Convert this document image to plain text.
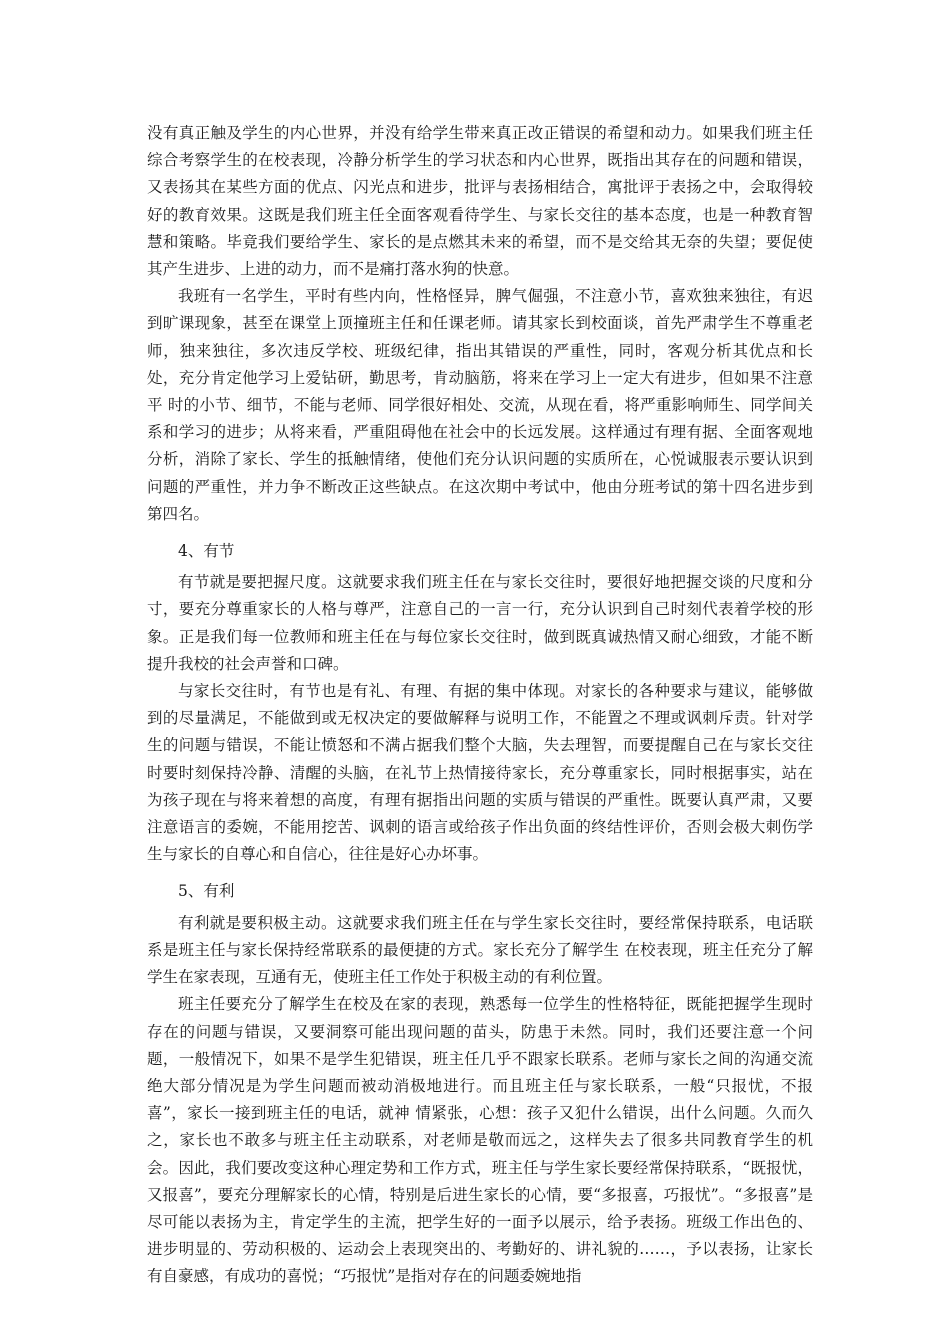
没有真正触及学生的内心世界，并没有给学生带来真正改正错误的希望和动力。如果我们班主任综合考察学生的在校表现，冷静分析学生的学习状态和内心世界，既指出其存在的问题和错误，又表扬其在某些方面的优点、闪光点和进步，批评与表扬相结合，寓批评于表扬之中，会取得较好的教育效果。这既是我们班主任全面客观看待学生、与家长交往的基本态度，也是一种教育智慧和策略。毕竟我们要给学生、家长的是点燃其未来的希望，而不是交给其无奈的失望；要促使其产生进步、上进的动力，而不是痛打落水狗的快意。

我班有一名学生，平时有些内向，性格怪异，脾气倔强，不注意小节，喜欢独来独往，有迟到旷课现象，甚至在课堂上顶撞班主任和任课老师。请其家长到校面谈，首先严肃学生不尊重老师，独来独往，多次违反学校、班级纪律，指出其错误的严重性，同时，客观分析其优点和长处，充分肯定他学习上爱钻研，勤思考，肯动脑筋，将来在学习上一定大有进步，但如果不注意平 时的小节、细节，不能与老师、同学很好相处、交流，从现在看，将严重影响师生、同学间关系和学习的进步；从将来看，严重阻碍他在社会中的长远发展。这样通过有理有据、全面客观地分析，消除了家长、学生的抵触情绪，使他们充分认识问题的实质所在，心悦诚服表示要认识到问题的严重性，并力争不断改正这些缺点。在这次期中考试中，他由分班考试的第十四名进步到第四名。

4、有节

有节就是要把握尺度。这就要求我们班主任在与家长交往时，要很好地把握交谈的尺度和分寸，要充分尊重家长的人格与尊严，注意自己的一言一行，充分认识到自己时刻代表着学校的形象。正是我们每一位教师和班主任在与每位家长交往时，做到既真诚热情又耐心细致，才能不断提升我校的社会声誉和口碑。

与家长交往时，有节也是有礼、有理、有据的集中体现。对家长的各种要求与建议，能够做到的尽量满足，不能做到或无权决定的要做解释与说明工作，不能置之不理或讽刺斥责。针对学生的问题与错误，不能让愤怒和不满占据我们整个大脑，失去理智，而要提醒自己在与家长交往时要时刻保持冷静、清醒的头脑，在礼节上热情接待家长，充分尊重家长，同时根据事实，站在为孩子现在与将来着想的高度，有理有据指出问题的实质与错误的严重性。既要认真严肃，又要注意语言的委婉，不能用挖苦、讽刺的语言或给孩子作出负面的终结性评价，否则会极大刺伤学生与家长的自尊心和自信心，往往是好心办坏事。

5、有利

有利就是要积极主动。这就要求我们班主任在与学生家长交往时，要经常保持联系，电话联系是班主任与家长保持经常联系的最便捷的方式。家长充分了解学生 在校表现，班主任充分了解学生在家表现，互通有无，使班主任工作处于积极主动的有利位置。

班主任要充分了解学生在校及在家的表现，熟悉每一位学生的性格特征，既能把握学生现时存在的问题与错误，又要洞察可能出现问题的苗头，防患于未然。同时，我们还要注意一个问题，一般情况下，如果不是学生犯错误，班主任几乎不跟家长联系。老师与家长之间的沟通交流绝大部分情况是为学生问题而被动消极地进行。而且班主任与家长联系，一般“只报忧，不报喜”，家长一接到班主任的电话，就神 情紧张，心想：孩子又犯什么错误，出什么问题。久而久之，家长也不敢多与班主任主动联系，对老师是敬而远之，这样失去了很多共同教育学生的机会。因此，我们要改变这种心理定势和工作方式，班主任与学生家长要经常保持联系，“既报忧，又报喜”，要充分理解家长的心情，特别是后进生家长的心情，要“多报喜，巧报忧”。“多报喜”是尽可能以表扬为主，肯定学生的主流，把学生好的一面予以展示，给予表扬。班级工作出色的、进步明显的、劳动积极的、运动会上表现突出的、考勤好的、讲礼貌的……，予以表扬，让家长有自豪感，有成功的喜悦；“巧报忧”是指对存在的问题委婉地指
